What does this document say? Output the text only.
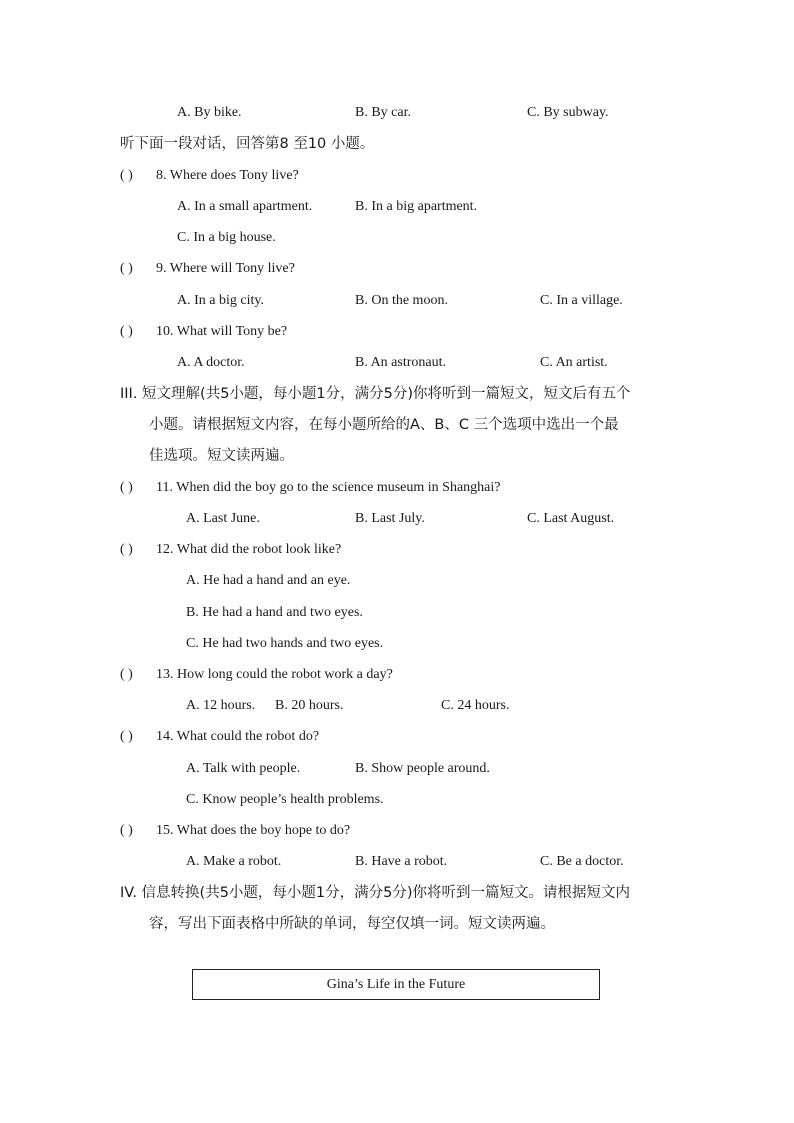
A. By bike.	B. By car.	C. By subway.
听下面一段对话，回答第8 至10 小题。
( ) 8. Where does Tony live?
A. In a small apartment.	B. In a big apartment.
C. In a big house.
( ) 9. Where will Tony live?
A. In a big city.	B. On the moon.	C. In a village.
( ) 10. What will Tony be?
A. A doctor.	B. An astronaut.	C. An artist.
III. 短文理解(共5小题，每小题1分，满分5分)你将听到一篇短文，短文后有五个
小题。请根据短文内容，在每小题所给的A、B、C 三个选项中选出一个最
佳选项。短文读两遍。
( ) 11. When did the boy go to the science museum in Shanghai?
A. Last June.	B. Last July.	C. Last August.
( ) 12. What did the robot look like?
A. He had a hand and an eye.
B. He had a hand and two eyes.
C. He had two hands and two eyes.
( ) 13. How long could the robot work a day?
A. 12 hours. B. 20 hours.	C. 24 hours.
( ) 14. What could the robot do?
A. Talk with people.	B. Show people around.
C. Know people’s health problems.
( ) 15. What does the boy hope to do?
A. Make a robot.	B. Have a robot.	C. Be a doctor.
IV. 信息转换(共5小题，每小题1分，满分5分)你将听到一篇短文。请根据短文内
容，写出下面表格中所缺的单词，每空仅填一词。短文读两遍。
Gina’s Life in the Future
